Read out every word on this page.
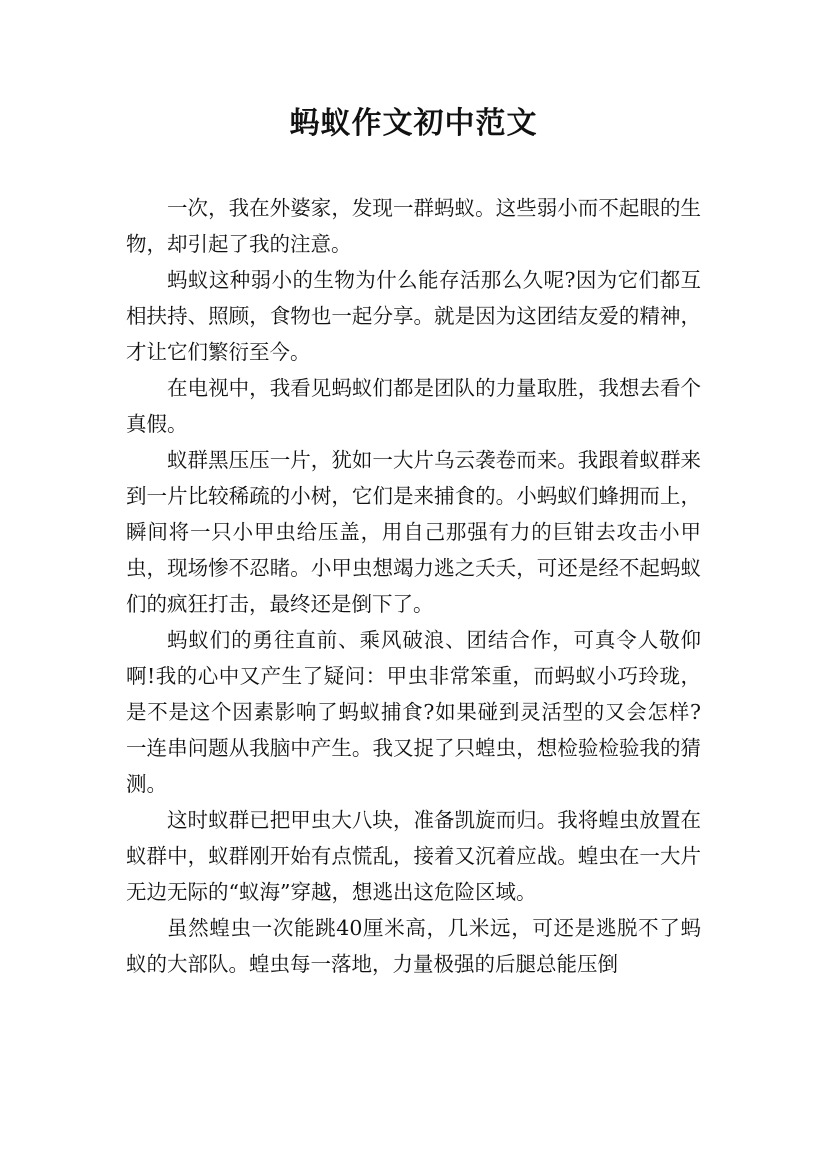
蚂蚁作文初中范文

一次，我在外婆家，发现一群蚂蚁。这些弱小而不起眼的生物，却引起了我的注意。

蚂蚁这种弱小的生物为什么能存活那么久呢?因为它们都互相扶持、照顾，食物也一起分享。就是因为这团结友爱的精神，才让它们繁衍至今。

在电视中，我看见蚂蚁们都是团队的力量取胜，我想去看个真假。

蚁群黑压压一片，犹如一大片乌云袭卷而来。我跟着蚁群来到一片比较稀疏的小树，它们是来捕食的。小蚂蚁们蜂拥而上，瞬间将一只小甲虫给压盖，用自己那强有力的巨钳去攻击小甲虫，现场惨不忍睹。小甲虫想竭力逃之夭夭，可还是经不起蚂蚁们的疯狂打击，最终还是倒下了。

蚂蚁们的勇往直前、乘风破浪、团结合作，可真令人敬仰啊!我的心中又产生了疑问：甲虫非常笨重，而蚂蚁小巧玲珑，是不是这个因素影响了蚂蚁捕食?如果碰到灵活型的又会怎样?一连串问题从我脑中产生。我又捉了只蝗虫，想检验检验我的猜测。

这时蚁群已把甲虫大八块，准备凯旋而归。我将蝗虫放置在蚁群中，蚁群刚开始有点慌乱，接着又沉着应战。蝗虫在一大片无边无际的“蚁海”穿越，想逃出这危险区域。

虽然蝗虫一次能跳40厘米高，几米远，可还是逃脱不了蚂蚁的大部队。蝗虫每一落地，力量极强的后腿总能压倒
